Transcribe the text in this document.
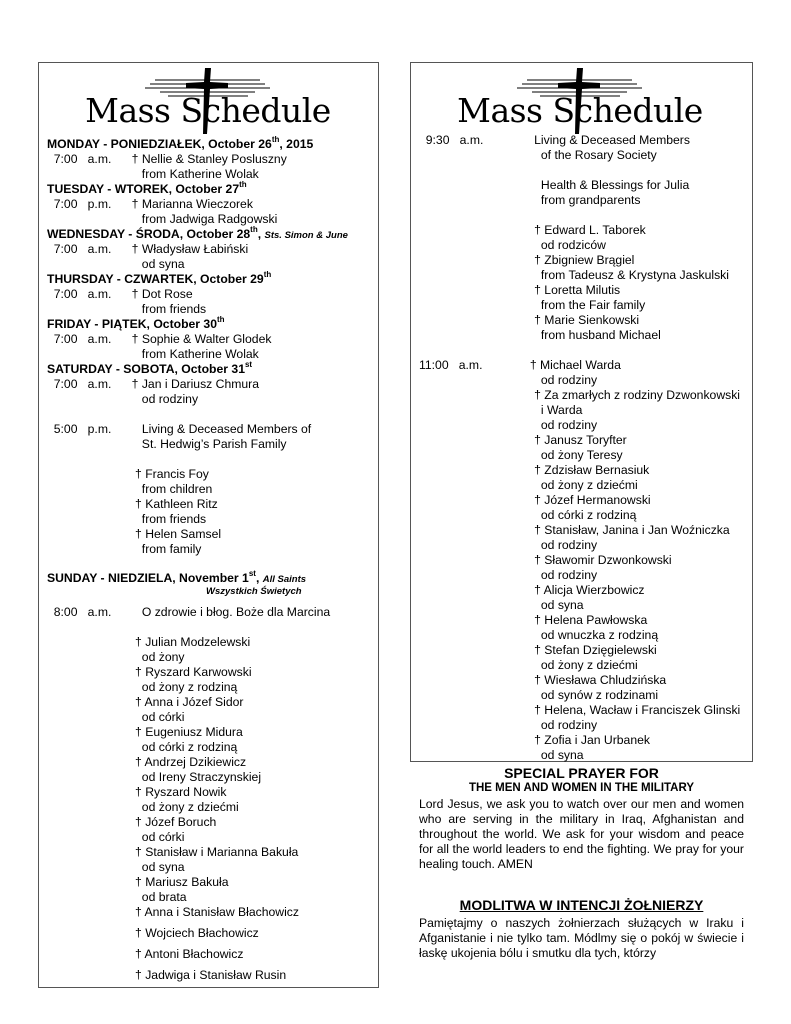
Mass Schedule	Mass Schedule
MONDAY - PONIEDZIAŁEK, October 26th, 2015
7:00   a.m.      † Nellie & Stanley Posluszny
from Katherine Wolak
TUESDAY - WTOREK, October 27th
7:00   p.m.      † Marianna Wieczorek
from Jadwiga Radgowski
WEDNESDAY - ŚRODA, October 28th, Sts. Simon & June
7:00   a.m.      † Władysław Łabiński
od syna
THURSDAY - CZWARTEK, October 29th
7:00   a.m.      † Dot Rose
from friends
FRIDAY - PIĄTEK, October 30th
7:00   a.m.      † Sophie & Walter Glodek
from Katherine Wolak
SATURDAY - SOBOTA, October 31st
7:00   a.m.      † Jan i Dariusz Chmura
od rodziny
5:00   p.m.         Living & Deceased Members of
St. Hedwig’s Parish Family
† Francis Foy
from children
† Kathleen Ritz
from friends
† Helen Samsel
from family
SUNDAY - NIEDZIELA, November 1st, All Saints
Wszystkich Świetych
8:00   a.m.         O zdrowie i błog. Boże dla Marcina
† Julian Modzelewski
od żony
† Ryszard Karwowski
od żony z rodziną
† Anna i Józef Sidor
od córki
† Eugeniusz Midura
od córki z rodziną
† Andrzej Dzikiewicz
od Ireny Straczynskiej
† Ryszard Nowik
od żony z dziećmi
† Józef Boruch
od córki
† Stanisław i Marianna Bakuła
od syna
† Mariusz Bakuła
od brata
† Anna i Stanisław Błachowicz
† Wojciech Błachowicz
† Antoni Błachowicz
† Jadwiga i Stanisław Rusin
9:30   a.m.               Living & Deceased Members
of the Rosary Society
Health & Blessings for Julia
from grandparents
† Edward L. Taborek
od rodziców
† Zbigniew Brągiel
from Tadeusz & Krystyna Jaskulski
† Loretta Milutis
from the Fair family
† Marie Sienkowski
from husband Michael
11:00   a.m.              † Michael Warda
od rodziny
† Za zmarłych z rodziny Dzwonkowski
i Warda
od rodziny
† Janusz Toryfter
od żony Teresy
† Zdzisław Bernasiuk
od żony z dziećmi
† Józef Hermanowski
od córki z rodziną
† Stanisław, Janina i Jan Woźniczka
od rodziny
† Sławomir Dzwonkowski
od rodziny
† Alicja Wierzbowicz
od syna
† Helena Pawłowska
od wnuczka z rodziną
† Stefan Dzięgielewski
od żony z dziećmi
† Wiesława Chludzińska
od synów z rodzinami
† Helena, Wacław i Franciszek Glinski
od rodziny
† Zofia i Jan Urbanek
od syna
SPECIAL PRAYER FOR
THE MEN AND WOMEN IN THE MILITARY
Lord Jesus, we ask you to watch over our men and women who are serving in the military in Iraq, Afghanistan and throughout the world. We ask for your wisdom and peace for all the world leaders to end the fighting. We pray for your healing touch. AMEN
MODLITWA W INTENCJI ŻOŁNIERZY
Pamiętajmy o naszych żołnierzach służących w Iraku i Afganistanie i nie tylko tam. Módlmy się o pokój w świecie i łaskę ukojenia bólu i smutku dla tych, którzy
